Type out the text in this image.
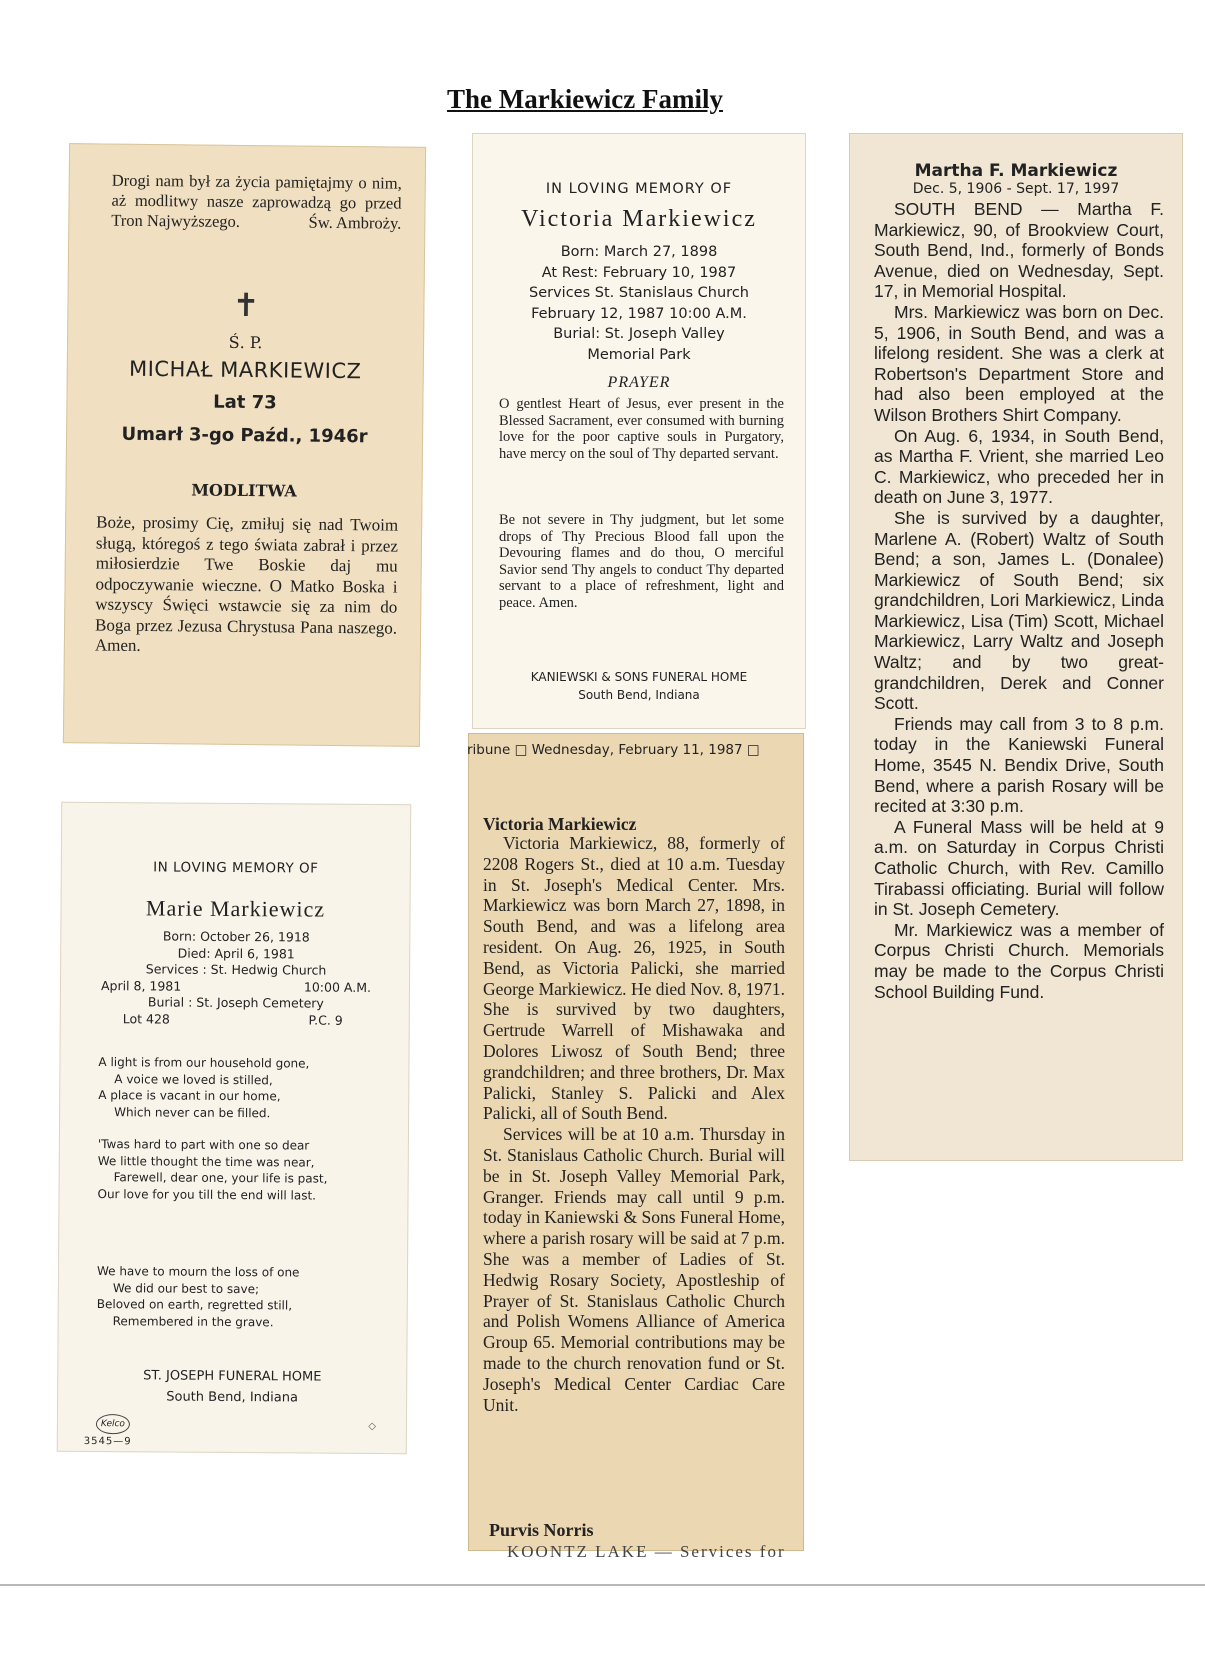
The Markiewicz Family
Drogi nam był za życia pamiętajmy o nim, aż modlitwy nasze zaprowadzą go przed Tron Najwyższego.	Św. Ambroży.
✝
Ś. P.
MICHAŁ MARKIEWICZ
Lat 73
Umarł 3-go Paźd., 1946r
MODLITWA
Boże, prosimy Cię, zmiłuj się nad Twoim sługą, któregoś z tego świata zabrał i przez miłosierdzie Twe Boskie daj mu odpoczywanie wieczne. O Matko Boska i wszyscy Święci wstawcie się za nim do Boga przez Jezusa Chrystusa Pana naszego. Amen.
IN LOVING MEMORY OF
Victoria Markiewicz
Born: March 27, 1898
At Rest: February 10, 1987
Services St. Stanislaus Church
February 12, 1987 10:00 A.M.
Burial: St. Joseph Valley
Memorial Park
PRAYER
O gentlest Heart of Jesus, ever present in the Blessed Sacrament, ever consumed with burning love for the poor captive souls in Purgatory, have mercy on the soul of Thy departed servant.
Be not severe in Thy judgment, but let some drops of Thy Precious Blood fall upon the Devouring flames and do thou, O merciful Savior send Thy angels to conduct Thy departed servant to a place of refreshment, light and peace. Amen.
KANIEWSKI & SONS FUNERAL HOME
South Bend, Indiana
IN LOVING MEMORY OF
Marie Markiewicz
Born: October 26, 1918
Died: April 6, 1981
Services : St. Hedwig Church
April 8, 1981	10:00 A.M.
Burial : St. Joseph Cemetery
Lot 428	P.C. 9
A light is from our household gone,
A voice we loved is stilled,
A place is vacant in our home,
Which never can be filled.
'Twas hard to part with one so dear
We little thought the time was near,
Farewell, dear one, your life is past,
Our love for you till the end will last.
We have to mourn the loss of one
We did our best to save;
Beloved on earth, regretted still,
Remembered in the grave.
ST. JOSEPH FUNERAL HOME
South Bend, Indiana
Kelco
3545—9
◇
ribune □ Wednesday, February 11, 1987 □
Victoria Markiewicz

Victoria Markiewicz, 88, formerly of 2208 Rogers St., died at 10 a.m. Tuesday in St. Joseph's Medical Center. Mrs. Markiewicz was born March 27, 1898, in South Bend, and was a lifelong area resident. On Aug. 26, 1925, in South Bend, as Victoria Palicki, she married George Markiewicz. He died Nov. 8, 1971. She is survived by two daughters, Gertrude Warrell of Mishawaka and Dolores Liwosz of South Bend; three grandchildren; and three brothers, Dr. Max Palicki, Stanley S. Palicki and Alex Palicki, all of South Bend.

Services will be at 10 a.m. Thursday in St. Stanislaus Catholic Church. Burial will be in St. Joseph Valley Memorial Park, Granger. Friends may call until 9 p.m. today in Kaniewski & Sons Funeral Home, where a parish rosary will be said at 7 p.m. She was a member of Ladies of St. Hedwig Rosary Society, Apostleship of Prayer of St. Stanislaus Catholic Church and Polish Womens Alliance of America Group 65. Memorial contributions may be made to the church renovation fund or St. Joseph's Medical Center Cardiac Care Unit.

Purvis Norris
KOONTZ LAKE — Services for
Martha F. Markiewicz
Dec. 5, 1906 - Sept. 17, 1997

SOUTH BEND — Martha F. Markiewicz, 90, of Brookview Court, South Bend, Ind., formerly of Bonds Avenue, died on Wednesday, Sept. 17, in Memorial Hospital.

Mrs. Markiewicz was born on Dec. 5, 1906, in South Bend, and was a lifelong resident. She was a clerk at Robertson's Department Store and had also been employed at the Wilson Brothers Shirt Company.

On Aug. 6, 1934, in South Bend, as Martha F. Vrient, she married Leo C. Markiewicz, who preceded her in death on June 3, 1977.

She is survived by a daughter, Marlene A. (Robert) Waltz of South Bend; a son, James L. (Donalee) Markiewicz of South Bend; six grandchildren, Lori Markiewicz, Linda Markiewicz, Lisa (Tim) Scott, Michael Markiewicz, Larry Waltz and Joseph Waltz; and by two great-grandchildren, Derek and Conner Scott.

Friends may call from 3 to 8 p.m. today in the Kaniewski Funeral Home, 3545 N. Bendix Drive, South Bend, where a parish Rosary will be recited at 3:30 p.m.

A Funeral Mass will be held at 9 a.m. on Saturday in Corpus Christi Catholic Church, with Rev. Camillo Tirabassi officiating. Burial will follow in St. Joseph Cemetery.

Mr. Markiewicz was a member of Corpus Christi Church. Memorials may be made to the Corpus Christi School Building Fund.
